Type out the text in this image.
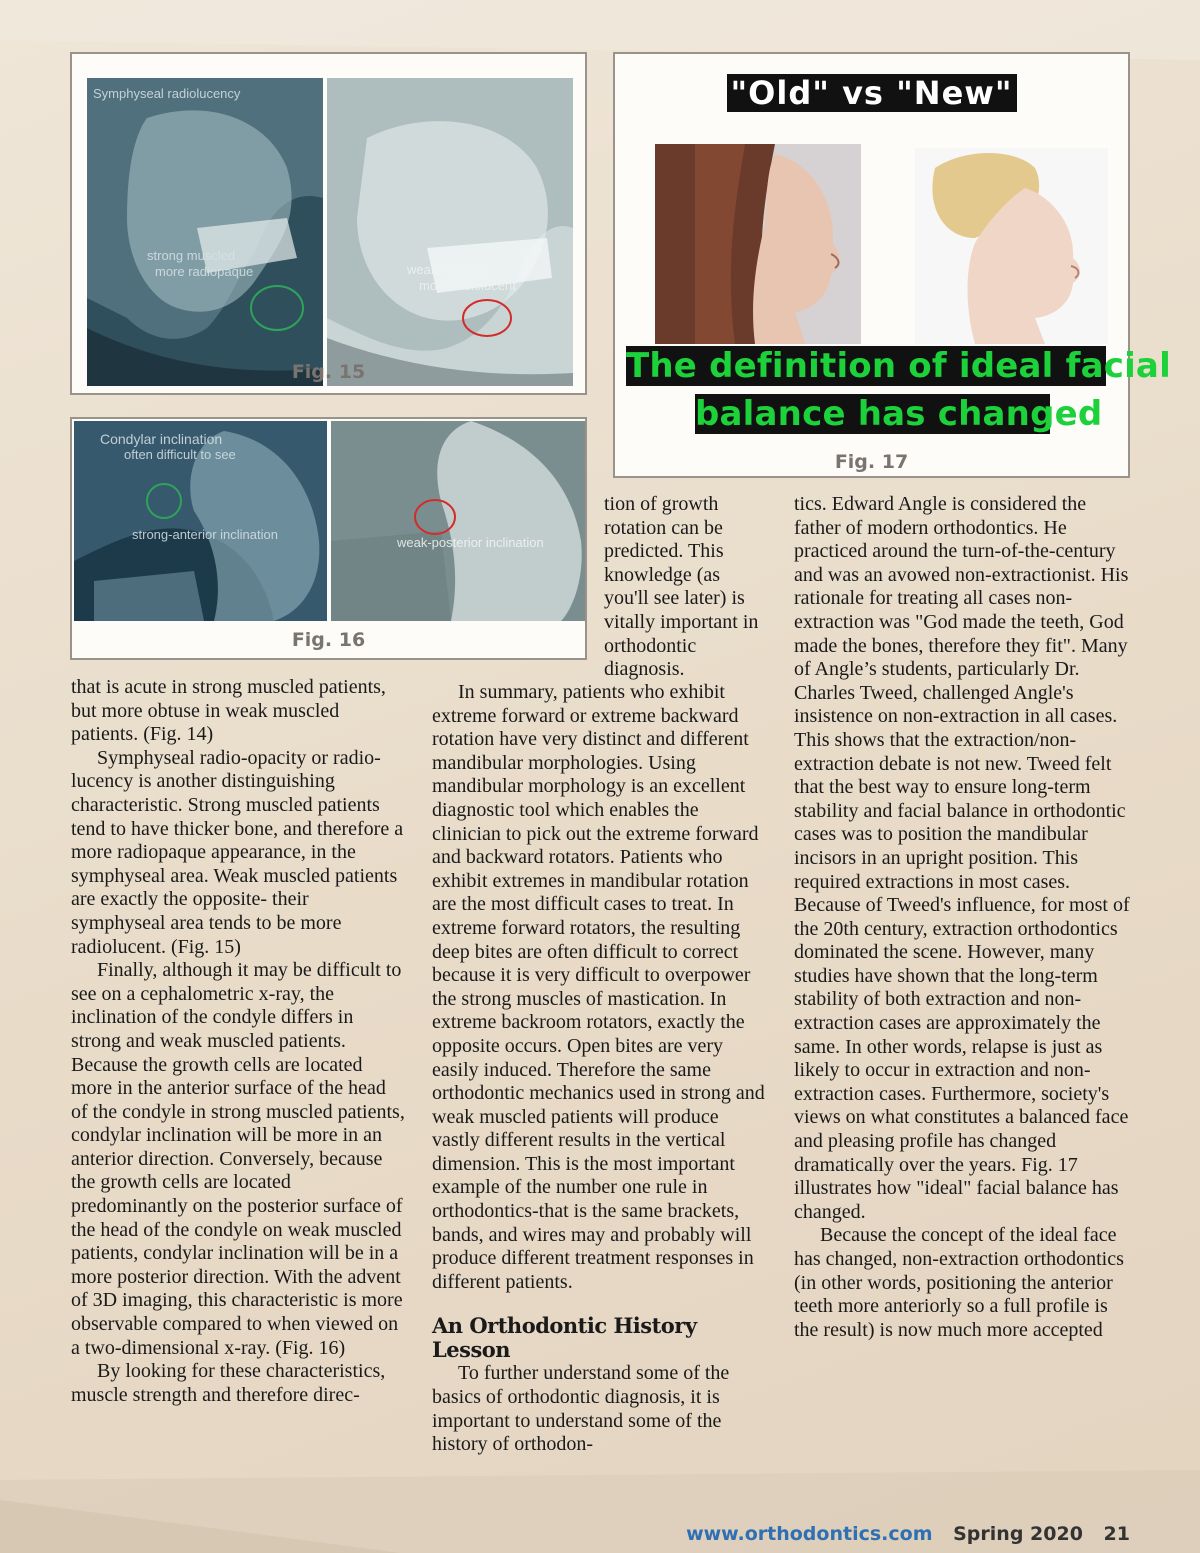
Symphyseal radiolucency
strong muscled
more radiopaque	weak muscled
more radiolucent
Fig. 15
Condylar inclination
often difficult to see
strong-anterior inclination
weak-posterior inclination
Fig. 16
"Old" vs "New"
The definition of ideal facial
balance has changed
Fig. 17

that is acute in strong muscled patients, but more obtuse in weak muscled patients. (Fig. 14)

Symphyseal radio-opacity or radio-lucency is another distinguishing characteristic. Strong muscled patients tend to have thicker bone, and therefore a more radiopaque appearance, in the symphyseal area. Weak muscled patients are exactly the opposite- their symphyseal area tends to be more radiolucent. (Fig. 15)

Finally, although it may be difficult to see on a cephalometric x-ray, the inclination of the condyle differs in strong and weak muscled patients. Because the growth cells are located more in the anterior surface of the head of the condyle in strong muscled patients, condylar inclination will be more in an anterior direction. Conversely, because the growth cells are located predominantly on the posterior surface of the head of the condyle on weak muscled patients, condylar inclination will be in a more posterior direction. With the advent of 3D imaging, this characteristic is more observable compared to when viewed on a two-dimensional x-ray. (Fig. 16)

By looking for these characteristics, muscle strength and therefore direc-

tion of growth rotation can be predicted. This knowledge (as you'll see later) is vitally important in orthodontic diagnosis.

In summary, patients who exhibit extreme forward or extreme backward rotation have very distinct and different mandibular morphologies. Using mandibular morphology is an excellent diagnostic tool which enables the clinician to pick out the extreme forward and backward rotators. Patients who exhibit extremes in mandibular rotation are the most difficult cases to treat. In extreme forward rotators, the resulting deep bites are often difficult to correct because it is very difficult to overpower the strong muscles of mastication. In extreme backroom rotators, exactly the opposite occurs. Open bites are very easily induced. Therefore the same orthodontic mechanics used in strong and weak muscled patients will produce vastly different results in the vertical dimension. This is the most important example of the number one rule in orthodontics-that is the same brackets, bands, and wires may and probably will produce different treatment responses in different patients.

An Orthodontic History Lesson

To further understand some of the basics of orthodontic diagnosis, it is important to understand some of the history of orthodon-

tics. Edward Angle is considered the father of modern orthodontics. He practiced around the turn-of-the-century and was an avowed non-extractionist. His rationale for treating all cases non-extraction was "God made the teeth, God made the bones, therefore they fit". Many of Angle’s students, particularly Dr. Charles Tweed, challenged Angle's insistence on non-extraction in all cases. This shows that the extraction/non-extraction debate is not new. Tweed felt that the best way to ensure long-term stability and facial balance in orthodontic cases was to position the mandibular incisors in an upright position. This required extractions in most cases. Because of Tweed's influence, for most of the 20th century, extraction orthodontics dominated the scene. However, many studies have shown that the long-term stability of both extraction and non-extraction cases are approximately the same. In other words, relapse is just as likely to occur in extraction and non-extraction cases. Furthermore, society's views on what constitutes a balanced face and pleasing profile has changed dramatically over the years. Fig. 17 illustrates how "ideal" facial balance has changed.

Because the concept of the ideal face has changed, non-extraction orthodontics (in other words, positioning the anterior teeth more anteriorly so a full profile is the result) is now much more accepted

www.orthodontics.com Spring 2020 21
